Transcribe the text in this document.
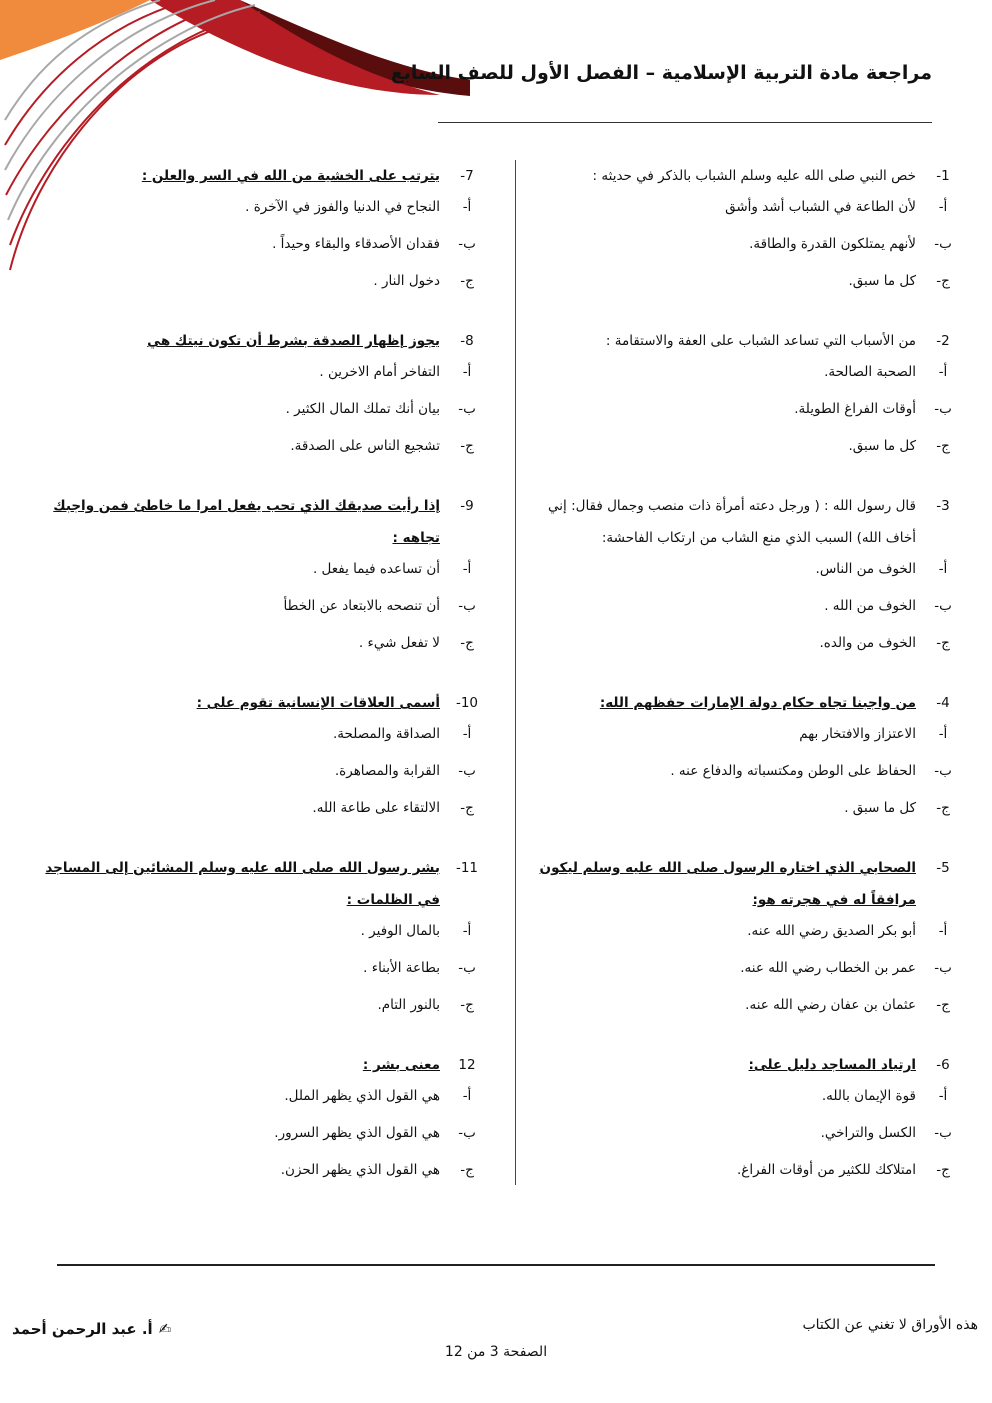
مراجعة مادة التربية الإسلامية – الفصل الأول للصف السابع
1-
خص النبي صلى الله عليه وسلم الشباب بالذكر في حديثه :
أ-
لأن الطاعة في الشباب أشد وأشق
ب-
لأنهم يمتلكون القدرة والطاقة.
ج-
كل ما سبق.
2-
من الأسباب التي تساعد الشباب على العفة والاستقامة :
أ-
الصحبة الصالحة.
ب-
أوقات الفراغ الطويلة.
ج-
كل ما سبق.
3-
قال رسول الله : ( ورجل دعته أمرأة ذات منصب وجمال فقال: إني أخاف الله) السبب الذي منع الشاب من ارتكاب الفاحشة:
أ-
الخوف من الناس.
ب-
الخوف من الله .
ج-
الخوف من والده.
4-
من واجبنا تجاه حكام دولة الإمارات حفظهم الله:
أ-
الاعتزاز والافتخار بهم
ب-
الحفاظ على الوطن ومكتسباته والدفاع عنه .
ج-
كل ما سبق .
5-
الصحابي الذي اختاره الرسول صلى الله عليه وسلم ليكون مرافقاً له في هجرته هو:
أ-
أبو بكر الصديق رضي الله عنه.
ب-
عمر بن الخطاب رضي الله عنه.
ج-
عثمان بن عفان رضي الله عنه.
6-
ارتياد المساجد دليل على:
أ-
قوة الإيمان بالله.
ب-
الكسل والتراخي.
ج-
امتلاكك للكثير من أوقات الفراغ.
7-
يترتب على الخشية من الله في السر والعلن :
أ-
النجاح في الدنيا والفوز في الآخرة .
ب-
فقدان الأصدقاء والبقاء وحيداً .
ج-
دخول النار .
8-
يجوز إظهار الصدقة بشرط أن تكون نيتك هي
أ-
التفاخر أمام الاخرين .
ب-
بيان أنك تملك المال الكثير .
ج-
تشجيع الناس على الصدقة.
9-
إذا رأيت صديقك الذي تحب يفعل امرا ما خاطئ فمن واجبك تجاهه :
أ-
أن تساعده فيما يفعل .
ب-
أن تنصحه بالابتعاد عن الخطأ
ج-
لا تفعل شيء .
10-
أسمى العلاقات الإنسانية تقوم على :
أ-
الصداقة والمصلحة.
ب-
القرابة والمصاهرة.
ج-
الالتقاء على طاعة الله.
11-
بشر رسول الله صلى الله عليه وسلم المشائين إلى المساجد في الظلمات :
أ-
بالمال الوفير .
ب-
بطاعة الأبناء .
ج-
بالنور التام.
12
معنى بشر :
أ-
هي القول الذي يظهر الملل.
ب-
هي القول الذي يظهر السرور.
ج-
هي القول الذي يظهر الحزن.
✍أ. عبد الرحمن أحمد	هذه الأوراق لا تغني عن الكتاب
الصفحة 3 من 12
